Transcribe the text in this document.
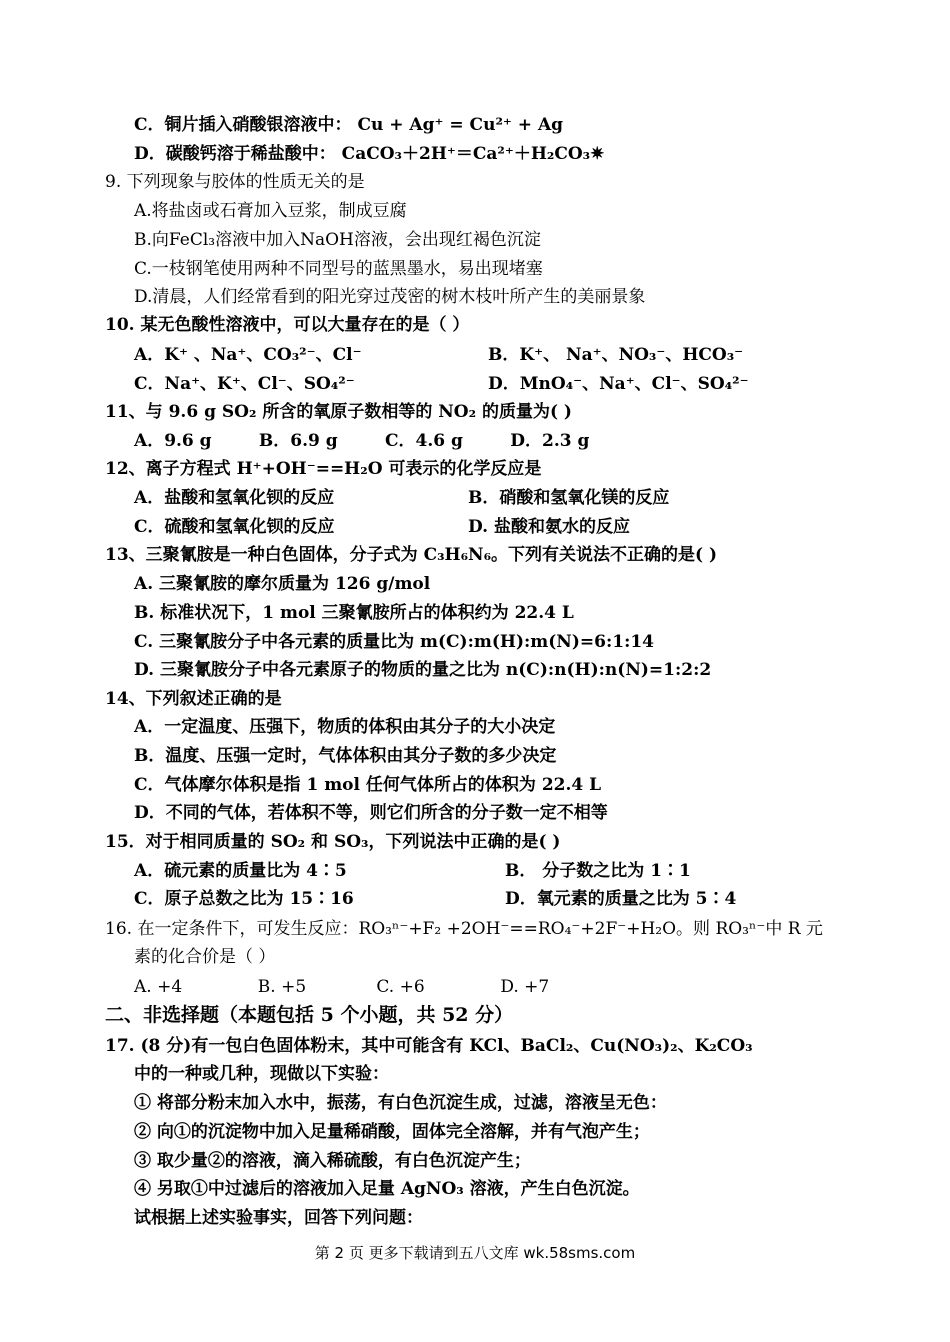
C．铜片插入硝酸银溶液中： Cu + Ag⁺ = Cu²⁺ + Ag
D．碳酸钙溶于稀盐酸中： CaCO₃＋2H⁺＝Ca²⁺＋H₂CO₃✷
9. 下列现象与胶体的性质无关的是
A.将盐卤或石膏加入豆浆，制成豆腐
B.向FeCl₃溶液中加入NaOH溶液，会出现红褐色沉淀
C.一枝钢笔使用两种不同型号的蓝黑墨水，易出现堵塞
D.清晨，人们经常看到的阳光穿过茂密的树木枝叶所产生的美丽景象
10. 某无色酸性溶液中，可以大量存在的是（ ）
A．K⁺ 、Na⁺、CO₃²⁻、Cl⁻	B．K⁺、 Na⁺、NO₃⁻、HCO₃⁻
C．Na⁺、K⁺、Cl⁻、SO₄²⁻	D．MnO₄⁻、Na⁺、Cl⁻、SO₄²⁻
11、与 9.6 g SO₂ 所含的氧原子数相等的 NO₂ 的质量为( )
A．9.6 g        B．6.9 g        C．4.6 g        D．2.3 g
12、离子方程式 H⁺+OH⁻==H₂O 可表示的化学反应是
A．盐酸和氢氧化钡的反应	B．硝酸和氢氧化镁的反应
C．硫酸和氢氧化钡的反应	D. 盐酸和氨水的反应
13、三聚氰胺是一种白色固体，分子式为 C₃H₆N₆。下列有关说法不正确的是( )
A. 三聚氰胺的摩尔质量为 126 g/mol
B. 标准状况下，1 mol 三聚氰胺所占的体积约为 22.4 L
C. 三聚氰胺分子中各元素的质量比为 m(C):m(H):m(N)=6:1:14
D. 三聚氰胺分子中各元素原子的物质的量之比为 n(C):n(H):n(N)=1:2:2
14、下列叙述正确的是
A．一定温度、压强下，物质的体积由其分子的大小决定
B．温度、压强一定时，气体体积由其分子数的多少决定
C．气体摩尔体积是指 1 mol 任何气体所占的体积为 22.4 L
D．不同的气体，若体积不等，则它们所含的分子数一定不相等
15．对于相同质量的 SO₂ 和 SO₃，下列说法中正确的是( )
A．硫元素的质量比为 4∶5	B． 分子数之比为 1∶1
C．原子总数之比为 15∶16	D．氧元素的质量之比为 5∶4
16. 在一定条件下，可发生反应：RO₃ⁿ⁻+F₂ +2OH⁻==RO₄⁻+2F⁻+H₂O。则 RO₃ⁿ⁻中 R 元
素的化合价是（ ）
A. +4              B. +5             C. +6              D. +7
二、非选择题（本题包括 5 个小题，共 52 分）
17. (8 分)有一包白色固体粉末，其中可能含有 KCl、BaCl₂、Cu(NO₃)₂、K₂CO₃
中的一种或几种，现做以下实验：
① 将部分粉末加入水中，振荡，有白色沉淀生成，过滤，溶液呈无色：
② 向①的沉淀物中加入足量稀硝酸，固体完全溶解，并有气泡产生；
③ 取少量②的溶液，滴入稀硫酸，有白色沉淀产生；
④ 另取①中过滤后的溶液加入足量 AgNO₃ 溶液，产生白色沉淀。
试根据上述实验事实，回答下列问题：
第 2 页 更多下载请到五八文库 wk.58sms.com
